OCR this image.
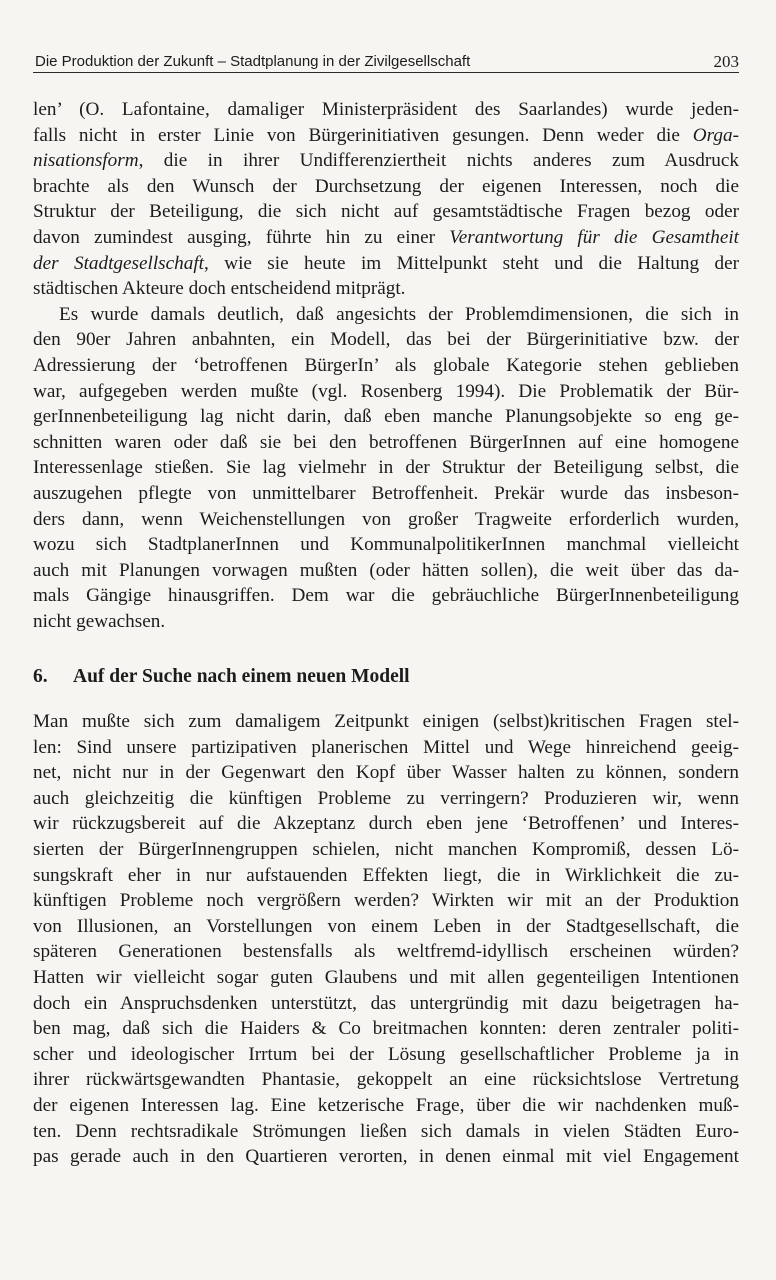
Die Produktion der Zukunft – Stadtplanung in der Zivilgesellschaft	203
len’ (O. Lafontaine, damaliger Ministerpräsident des Saarlandes) wurde jeden-
falls nicht in erster Linie von Bürgerinitiativen gesungen. Denn weder die Orga-
nisationsform, die in ihrer Undifferenziertheit nichts anderes zum Ausdruck
brachte als den Wunsch der Durchsetzung der eigenen Interessen, noch die
Struktur der Beteiligung, die sich nicht auf gesamtstädtische Fragen bezog oder
davon zumindest ausging, führte hin zu einer Verantwortung für die Gesamtheit
der Stadtgesellschaft, wie sie heute im Mittelpunkt steht und die Haltung der
städtischen Akteure doch entscheidend mitprägt.
Es wurde damals deutlich, daß angesichts der Problemdimensionen, die sich in
den 90er Jahren anbahnten, ein Modell, das bei der Bürgerinitiative bzw. der
Adressierung der ‘betroffenen BürgerIn’ als globale Kategorie stehen geblieben
war, aufgegeben werden mußte (vgl. Rosenberg 1994). Die Problematik der Bür-
gerInnenbeteiligung lag nicht darin, daß eben manche Planungsobjekte so eng ge-
schnitten waren oder daß sie bei den betroffenen BürgerInnen auf eine homogene
Interessenlage stießen. Sie lag vielmehr in der Struktur der Beteiligung selbst, die
auszugehen pflegte von unmittelbarer Betroffenheit. Prekär wurde das insbeson-
ders dann, wenn Weichenstellungen von großer Tragweite erforderlich wurden,
wozu sich StadtplanerInnen und KommunalpolitikerInnen manchmal vielleicht
auch mit Planungen vorwagen mußten (oder hätten sollen), die weit über das da-
mals Gängige hinausgriffen. Dem war die gebräuchliche BürgerInnenbeteiligung
nicht gewachsen.
6. Auf der Suche nach einem neuen Modell
Man mußte sich zum damaligem Zeitpunkt einigen (selbst)kritischen Fragen stel-
len: Sind unsere partizipativen planerischen Mittel und Wege hinreichend geeig-
net, nicht nur in der Gegenwart den Kopf über Wasser halten zu können, sondern
auch gleichzeitig die künftigen Probleme zu verringern? Produzieren wir, wenn
wir rückzugsbereit auf die Akzeptanz durch eben jene ‘Betroffenen’ und Interes-
sierten der BürgerInnengruppen schielen, nicht manchen Kompromiß, dessen Lö-
sungskraft eher in nur aufstauenden Effekten liegt, die in Wirklichkeit die zu-
künftigen Probleme noch vergrößern werden? Wirkten wir mit an der Produktion
von Illusionen, an Vorstellungen von einem Leben in der Stadtgesellschaft, die
späteren Generationen bestensfalls als weltfremd-idyllisch erscheinen würden?
Hatten wir vielleicht sogar guten Glaubens und mit allen gegenteiligen Intentionen
doch ein Anspruchsdenken unterstützt, das untergründig mit dazu beigetragen ha-
ben mag, daß sich die Haiders & Co breitmachen konnten: deren zentraler politi-
scher und ideologischer Irrtum bei der Lösung gesellschaftlicher Probleme ja in
ihrer rückwärtsgewandten Phantasie, gekoppelt an eine rücksichtslose Vertretung
der eigenen Interessen lag. Eine ketzerische Frage, über die wir nachdenken muß-
ten. Denn rechtsradikale Strömungen ließen sich damals in vielen Städten Euro-
pas gerade auch in den Quartieren verorten, in denen einmal mit viel Engagement
